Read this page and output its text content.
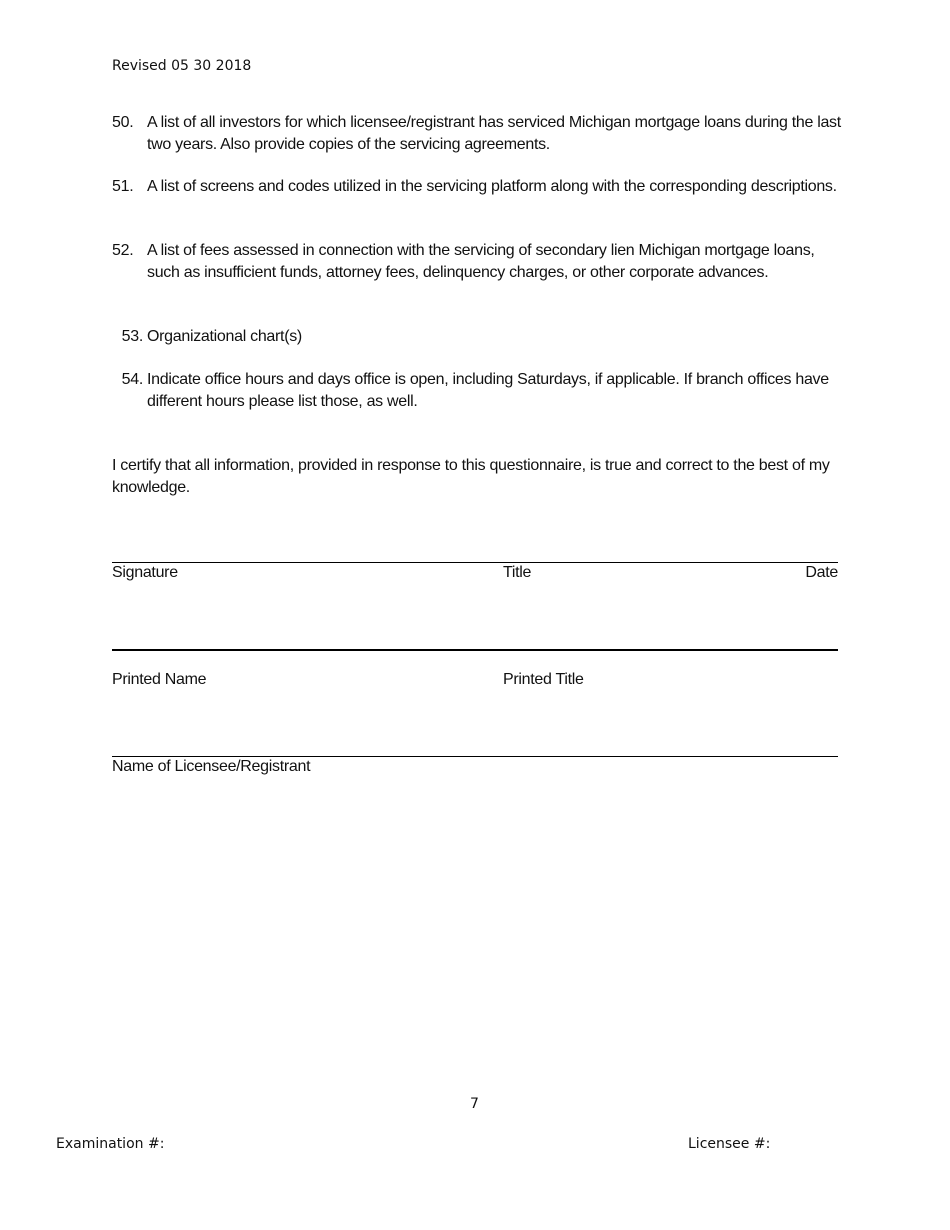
Revised 05 30 2018
50. A list of all investors for which licensee/registrant has serviced Michigan mortgage loans during the last two years. Also provide copies of the servicing agreements.
51. A list of screens and codes utilized in the servicing platform along with the corresponding descriptions.
52. A list of fees assessed in connection with the servicing of secondary lien Michigan mortgage loans, such as insufficient funds, attorney fees, delinquency charges, or other corporate advances.
53. Organizational chart(s)
54. Indicate office hours and days office is open, including Saturdays, if applicable. If branch offices have different hours please list those, as well.
I certify that all information, provided in response to this questionnaire, is true and correct to the best of my knowledge.
Signature	Title	Date
Printed Name	Printed Title
Name of Licensee/Registrant
7
Examination #:	Licensee #:
